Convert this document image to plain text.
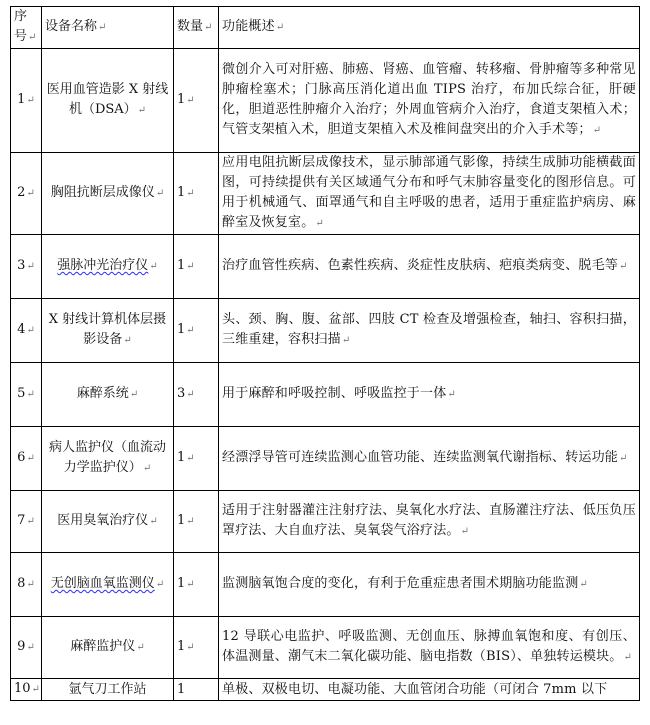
序号↵	设备名称↵	数量↵	功能概述↵
1↵	医用血管造影 X 射线机（DSA）↵	1↵	微创介入可对肝癌、肺癌、肾癌、血管瘤、转移瘤、骨肿瘤等多种常见肿瘤栓塞术；门脉高压消化道出血 TIPS 治疗，布加氏综合征，肝硬化，胆道恶性肿瘤介入治疗；外周血管病介入治疗，食道支架植入术；气管支架植入术，胆道支架植入术及椎间盘突出的介入手术等；↵
2↵	胸阻抗断层成像仪↵	1↵	应用电阻抗断层成像技术，显示肺部通气影像，持续生成肺功能横截面图，可持续提供有关区域通气分布和呼气末肺容量变化的图形信息。可用于机械通气、面罩通气和自主呼吸的患者，适用于重症监护病房、麻醉室及恢复室。↵
3↵	强脉冲光治疗仪↵	1↵	治疗血管性疾病、色素性疾病、炎症性皮肤病、疤痕类病变、脱毛等↵
4↵	X 射线计算机体层摄影设备↵	1↵	头、颈、胸、腹、盆部、四肢 CT 检查及增强检查，轴扫、容积扫描，三维重建，容积扫描↵
5↵	麻醉系统↵	3↵	用于麻醉和呼吸控制、呼吸监控于一体↵
6↵	病人监护仪（血流动力学监护仪）↵	1↵	经漂浮导管可连续监测心血管功能、连续监测氧代谢指标、转运功能↵
7↵	医用臭氧治疗仪↵	1↵	适用于注射器灌注注射疗法、臭氧化水疗法、直肠灌注疗法、低压负压罩疗法、大自血疗法、臭氧袋气浴疗法。↵
8↵	无创脑血氧监测仪↵	1↵	监测脑氧饱合度的变化，有利于危重症患者围术期脑功能监测↵
9↵	麻醉监护仪↵	1↵	12 导联心电监护、呼吸监测、无创血压、脉搏血氧饱和度、有创压、体温测量、潮气末二氧化碳功能、脑电指数（BIS）、单独转运模块。↵
10↵	氩气刀工作站	1	单极、双极电切、电凝功能、大血管闭合功能（可闭合 7mm 以下
